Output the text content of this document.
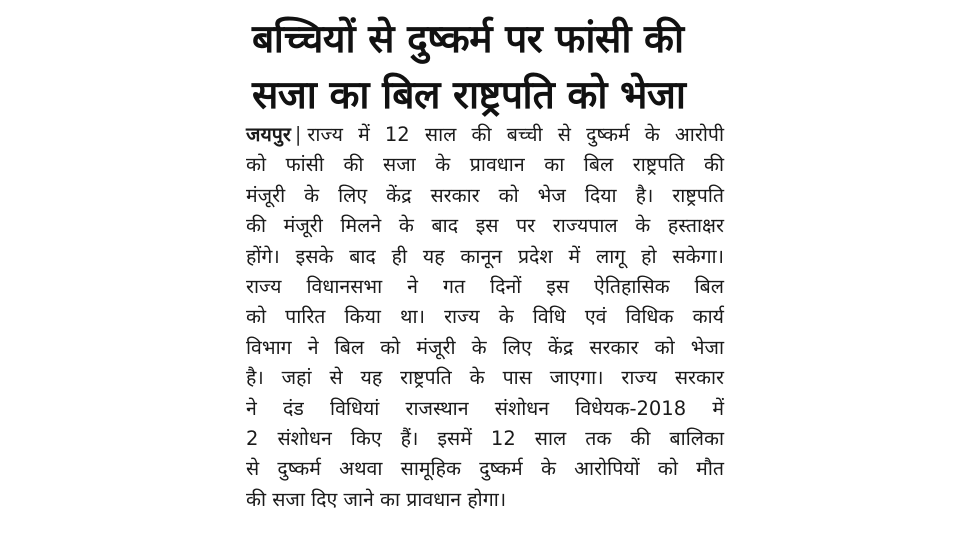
बच्चियों से दुष्कर्म पर फांसी की
सजा का बिल राष्ट्रपति को भेजा
जयपुर | राज्य में 12 साल की बच्ची से दुष्कर्म के आरोपी
को फांसी की सजा के प्रावधान का बिल राष्ट्रपति की
मंजूरी के लिए केंद्र सरकार को भेज दिया है। राष्ट्रपति
की मंजूरी मिलने के बाद इस पर राज्यपाल के हस्ताक्षर
होंगे। इसके बाद ही यह कानून प्रदेश में लागू हो सकेगा।
राज्य विधानसभा ने गत दिनों इस ऐतिहासिक बिल
को पारित किया था। राज्य के विधि एवं विधिक कार्य
विभाग ने बिल को मंजूरी के लिए केंद्र सरकार को भेजा
है। जहां से यह राष्ट्रपति के पास जाएगा। राज्य सरकार
ने दंड विधियां राजस्थान संशोधन विधेयक-2018 में
2 संशोधन किए हैं। इसमें 12 साल तक की बालिका
से दुष्कर्म अथवा सामूहिक दुष्कर्म के आरोपियों को मौत
की सजा दिए जाने का प्रावधान होगा।
